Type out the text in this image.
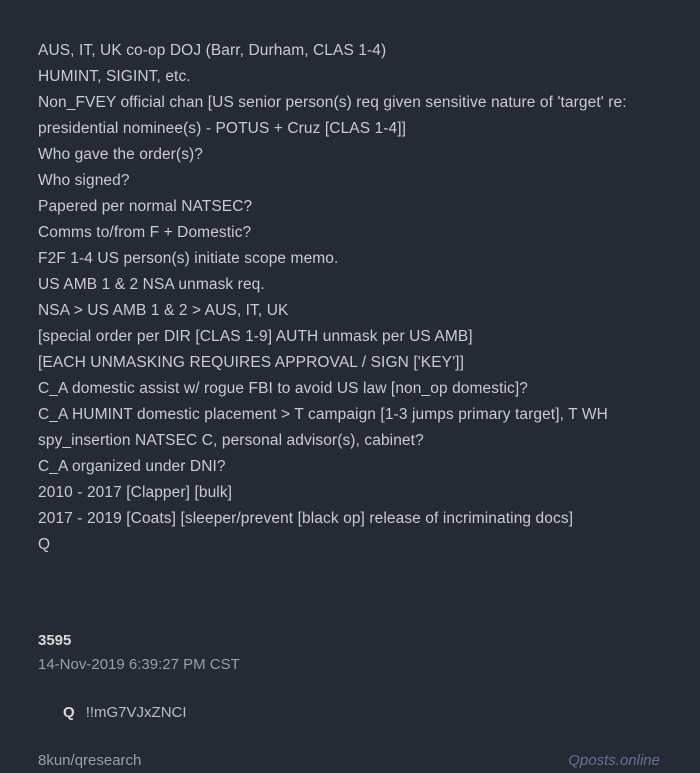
AUS, IT, UK co-op DOJ (Barr, Durham, CLAS 1-4)
HUMINT, SIGINT, etc.
Non_FVEY official chan [US senior person(s) req given sensitive nature of 'target' re:
presidential nominee(s) - POTUS + Cruz [CLAS 1-4]]
Who gave the order(s)?
Who signed?
Papered per normal NATSEC?
Comms to/from F + Domestic?
F2F 1-4 US person(s) initiate scope memo.
US AMB 1 & 2 NSA unmask req.
NSA > US AMB 1 & 2 > AUS, IT, UK
[special order per DIR [CLAS 1-9] AUTH unmask per US AMB]
[EACH UNMASKING REQUIRES APPROVAL / SIGN ['KEY']]
C_A domestic assist w/ rogue FBI to avoid US law [non_op domestic]?
C_A HUMINT domestic placement > T campaign [1-3 jumps primary target], T WH
spy_insertion NATSEC C, personal advisor(s), cabinet?
C_A organized under DNI?
2010 - 2017 [Clapper] [bulk]
2017 - 2019 [Coats] [sleeper/prevent [black op] release of incriminating docs]
Q
3595
14-Nov-2019 6:39:27 PM CST

Q !!mG7VJxZNCI

8kun/qresearch	Qposts.online
